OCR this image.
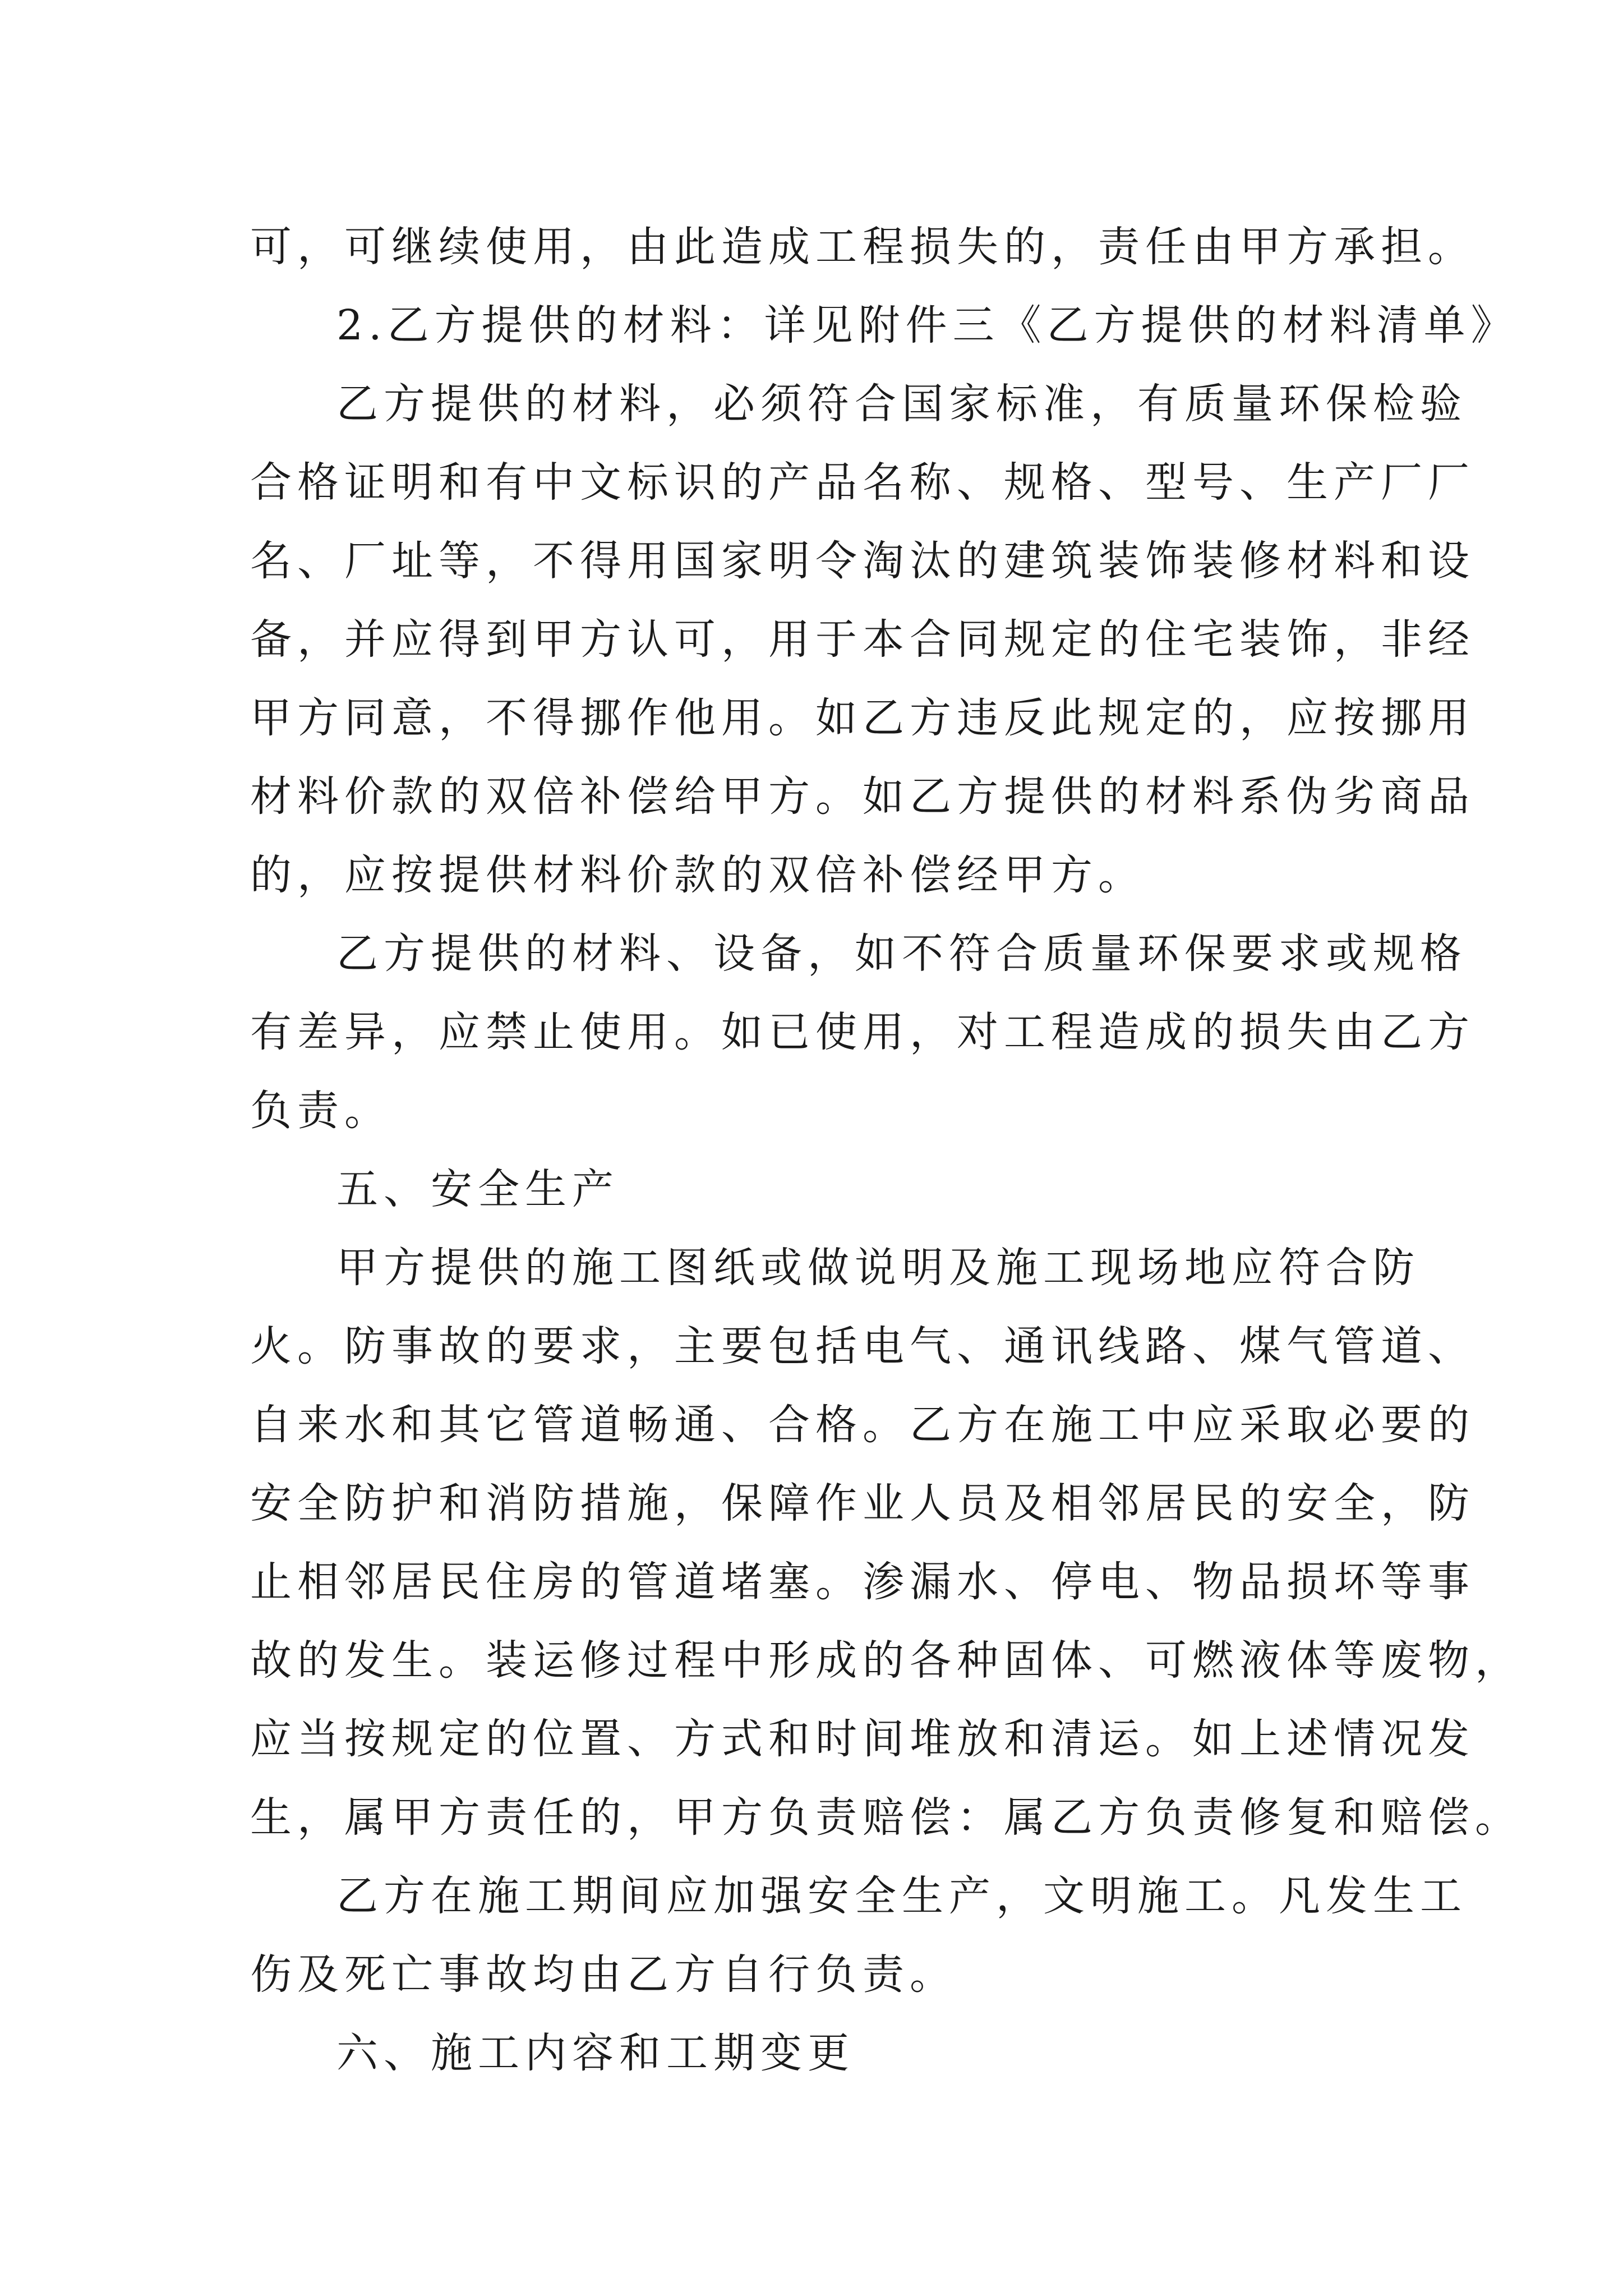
可，可继续使用，由此造成工程损失的，责任由甲方承担。
2.乙方提供的材料：详见附件三《乙方提供的材料清单》
乙方提供的材料，必须符合国家标准，有质量环保检验
合格证明和有中文标识的产品名称、规格、型号、生产厂厂
名、厂址等，不得用国家明令淘汰的建筑装饰装修材料和设
备，并应得到甲方认可，用于本合同规定的住宅装饰，非经
甲方同意，不得挪作他用。如乙方违反此规定的，应按挪用
材料价款的双倍补偿给甲方。如乙方提供的材料系伪劣商品
的，应按提供材料价款的双倍补偿经甲方。
乙方提供的材料、设备，如不符合质量环保要求或规格
有差异，应禁止使用。如已使用，对工程造成的损失由乙方
负责。
五、安全生产
甲方提供的施工图纸或做说明及施工现场地应符合防
火。防事故的要求，主要包括电气、通讯线路、煤气管道、
自来水和其它管道畅通、合格。乙方在施工中应采取必要的
安全防护和消防措施，保障作业人员及相邻居民的安全，防
止相邻居民住房的管道堵塞。渗漏水、停电、物品损坏等事
故的发生。装运修过程中形成的各种固体、可燃液体等废物，
应当按规定的位置、方式和时间堆放和清运。如上述情况发
生，属甲方责任的，甲方负责赔偿：属乙方负责修复和赔偿。
乙方在施工期间应加强安全生产，文明施工。凡发生工
伤及死亡事故均由乙方自行负责。
六、施工内容和工期变更
